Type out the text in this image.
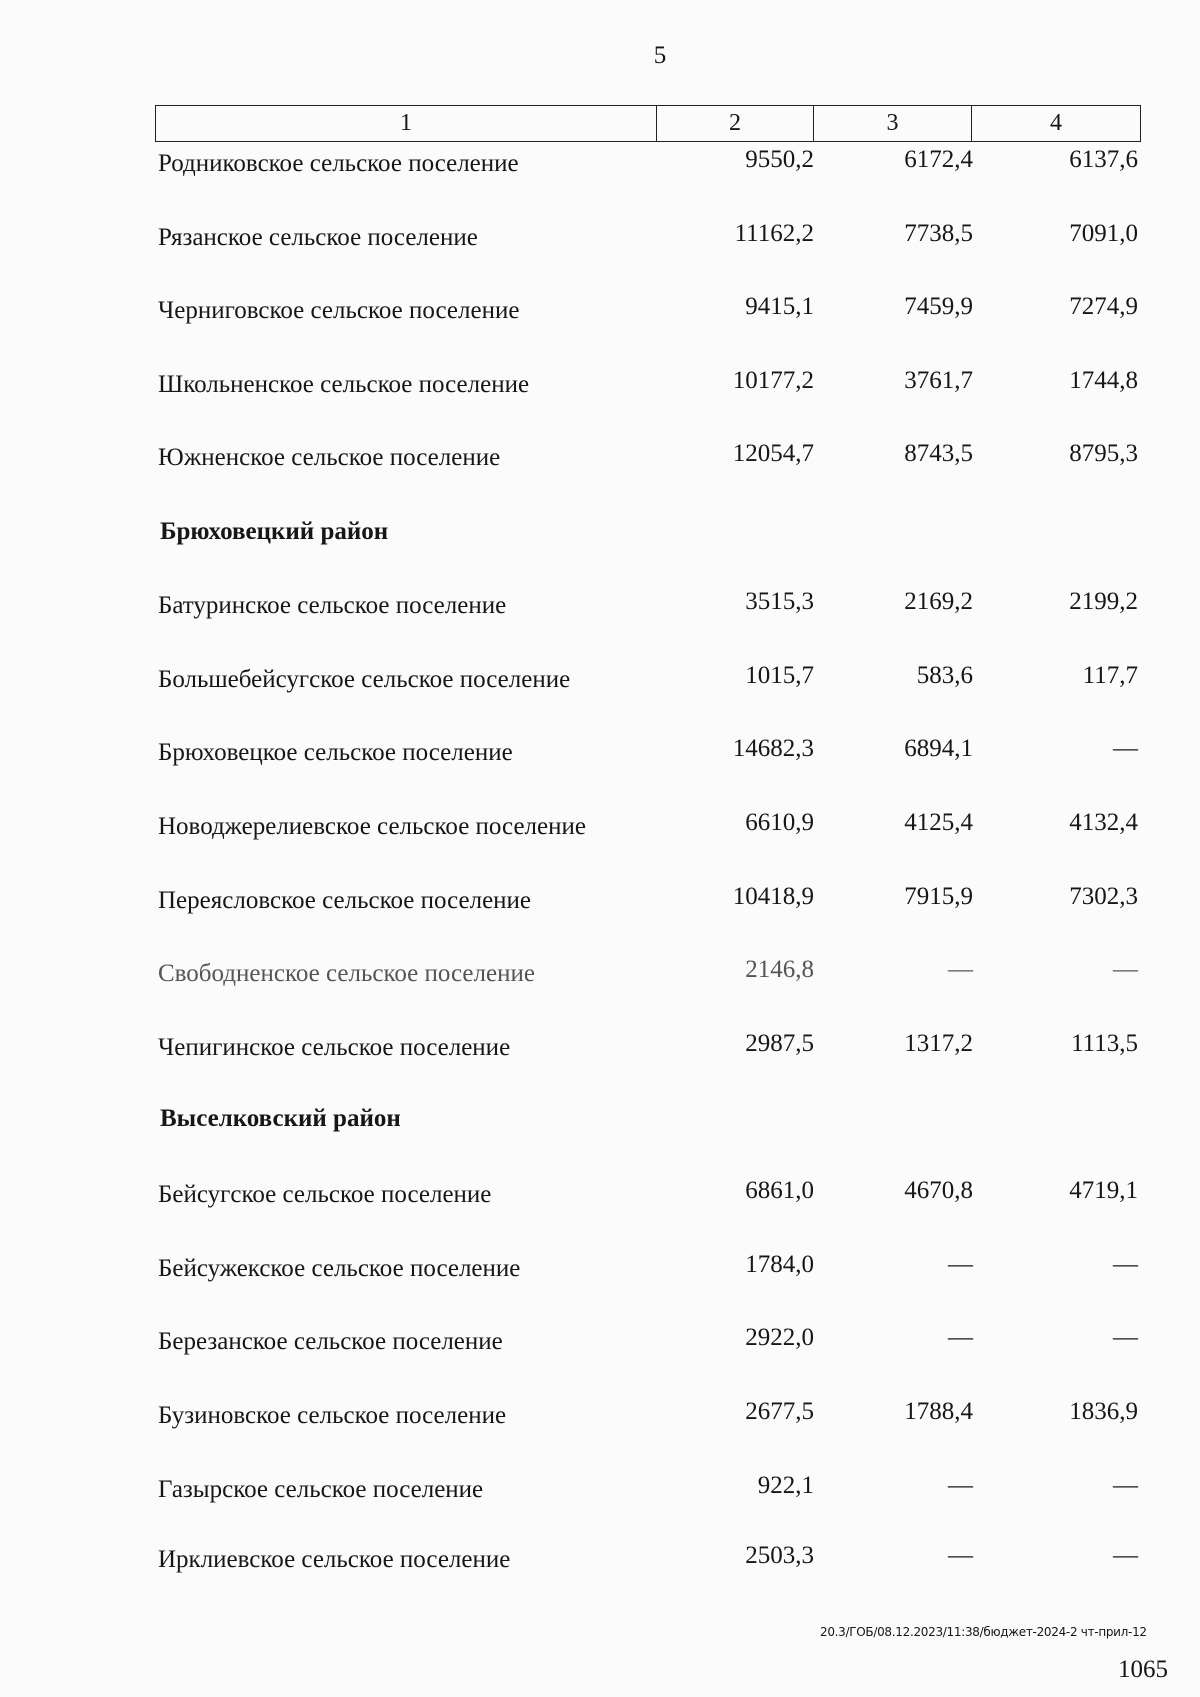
5
1	2	3	4
Родниковское сельское поселение	9550,2	6172,4	6137,6
Рязанское сельское поселение	11162,2	7738,5	7091,0
Черниговское сельское поселение	9415,1	7459,9	7274,9
Школьненское сельское поселение	10177,2	3761,7	1744,8
Южненское сельское поселение	12054,7	8743,5	8795,3
Брюховецкий район
Батуринское сельское поселение	3515,3	2169,2	2199,2
Большебейсугское сельское поселение	1015,7	583,6	117,7
Брюховецкое сельское поселение	14682,3	6894,1	—
Новоджерелиевское сельское поселение	6610,9	4125,4	4132,4
Переясловское сельское поселение	10418,9	7915,9	7302,3
Свободненское сельское поселение	2146,8	—	—
Чепигинское сельское поселение	2987,5	1317,2	1113,5
Выселковский район
Бейсугское сельское поселение	6861,0	4670,8	4719,1
Бейсужекское сельское поселение	1784,0	—	—
Березанское сельское поселение	2922,0	—	—
Бузиновское сельское поселение	2677,5	1788,4	1836,9
Газырское сельское поселение	922,1	—	—
Ирклиевское сельское поселение	2503,3	—	—
20.3/ГОБ/08.12.2023/11:38/бюджет-2024-2 чт-прил-12
1065
